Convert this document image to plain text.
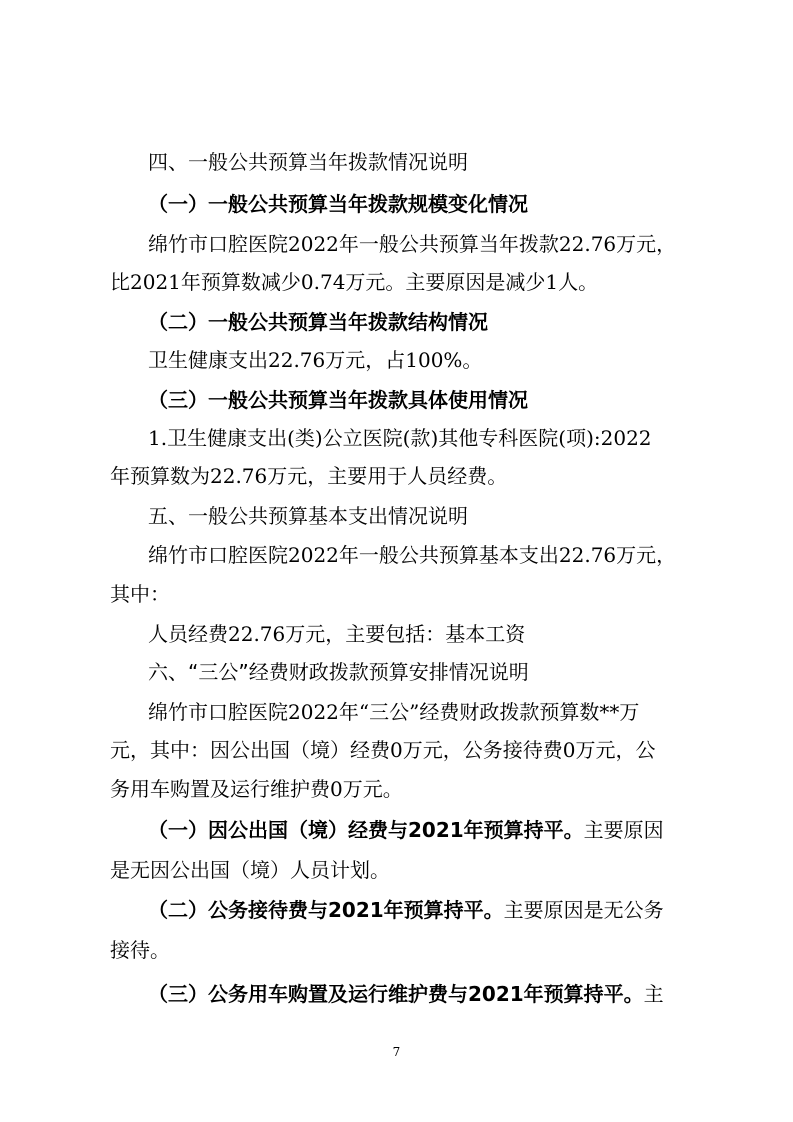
四、一般公共预算当年拨款情况说明
（一）一般公共预算当年拨款规模变化情况
绵竹市口腔医院2022年一般公共预算当年拨款22.76万元，
比2021年预算数减少0.74万元。主要原因是减少1人。
（二）一般公共预算当年拨款结构情况
卫生健康支出22.76万元，占100%。
（三）一般公共预算当年拨款具体使用情况
1.卫生健康支出(类)公立医院(款)其他专科医院(项):2022
年预算数为22.76万元，主要用于人员经费。
五、一般公共预算基本支出情况说明
绵竹市口腔医院2022年一般公共预算基本支出22.76万元，
其中：
人员经费22.76万元，主要包括：基本工资
六、“三公”经费财政拨款预算安排情况说明
绵竹市口腔医院2022年“三公”经费财政拨款预算数**万
元，其中：因公出国（境）经费0万元，公务接待费0万元，公
务用车购置及运行维护费0万元。
（一）因公出国（境）经费与2021年预算持平。主要原因
是无因公出国（境）人员计划。
（二）公务接待费与2021年预算持平。主要原因是无公务
接待。
（三）公务用车购置及运行维护费与2021年预算持平。主
7
